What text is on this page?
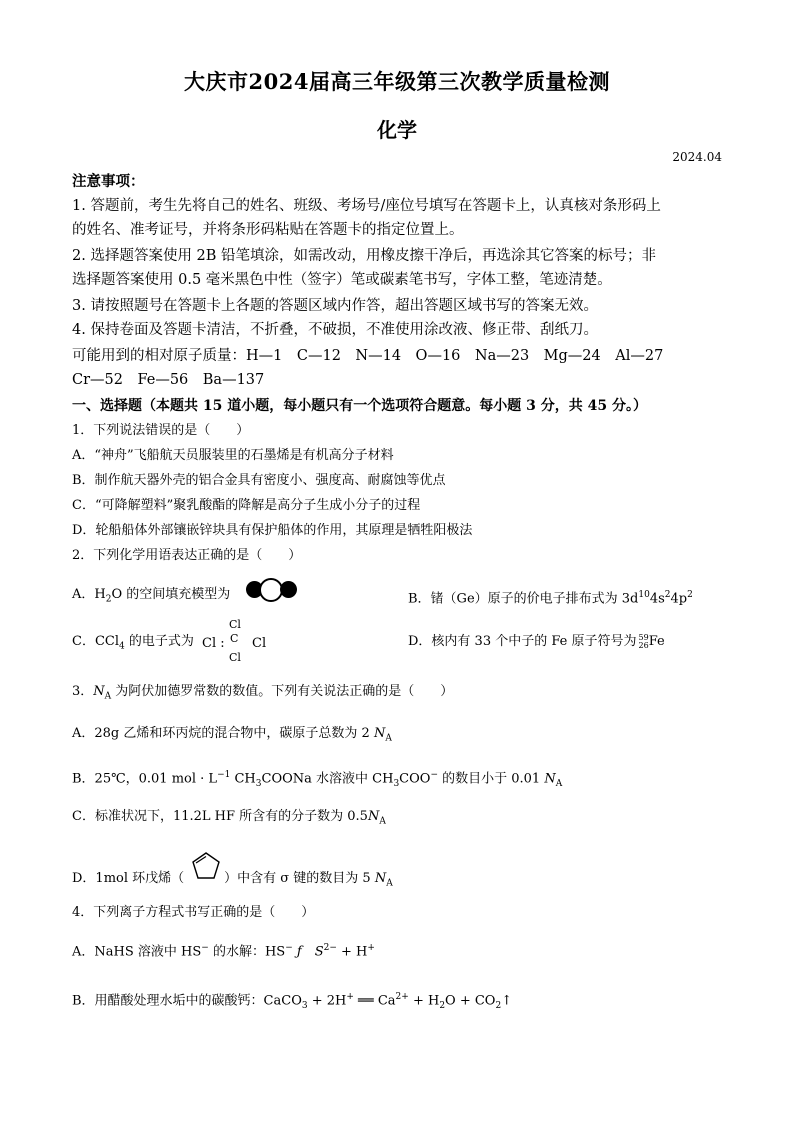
大庆市2024届高三年级第三次教学质量检测
化学
2024.04
注意事项：
1. 答题前，考生先将自己的姓名、班级、考场号/座位号填写在答题卡上，认真核对条形码上
的姓名、准考证号，并将条形码粘贴在答题卡的指定位置上。
2. 选择题答案使用 2B 铅笔填涂，如需改动，用橡皮擦干净后，再选涂其它答案的标号；非
选择题答案使用 0.5 毫米黑色中性（签字）笔或碳素笔书写，字体工整，笔迹清楚。
3. 请按照题号在答题卡上各题的答题区域内作答，超出答题区域书写的答案无效。
4. 保持卷面及答题卡清洁，不折叠，不破损，不准使用涂改液、修正带、刮纸刀。
可能用到的相对原子质量：H—1　C—12　N—14　O—16　Na—23　Mg—24　Al—27
Cr—52　Fe—56　Ba—137
一、选择题（本题共 15 道小题，每小题只有一个选项符合题意。每小题 3 分，共 45 分。）
1．下列说法错误的是（　　）
A．“神舟”飞船航天员服装里的石墨烯是有机高分子材料
B．制作航天器外壳的铝合金具有密度小、强度高、耐腐蚀等优点
C．“可降解塑料”聚乳酸酯的降解是高分子生成小分子的过程
D．轮船船体外部镶嵌锌块具有保护船体的作用，其原理是牺牲阳极法
2．下列化学用语表达正确的是（　　）
A．$H_2O$ 的空间填充模型为	B．锗（Ge）原子的价电子排布式为 $3d^{10}4s^24p^2$
C．CCl$_4$ 的电子式为 Cl :
Cl
C Cl
Cl
D．核内有 33 个中子的 Fe 原子符号为 59
26Fe
3．$N_A$ 为阿伏加德罗常数的数值。下列有关说法正确的是（　　）
A．28g 乙烯和环丙烷的混合物中，碳原子总数为 2 $N_A$
B．25℃，0.01 mol · $L^{-1}$ $CH_3COONa$ 水溶液中 $CH_3COO^-$ 的数目小于 0.01 $N_A$
C．标准状况下，11.2L HF 所含有的分子数为 $0.5N_A$
D．1mol 环戊烯（	）中含有 σ 键的数目为 5 $N_A$
4．下列离子方程式书写正确的是（　　）
A．NaHS 溶液中 HS− 的水解：HS− ƒ　$S^{2-} + H^+$
B．用醋酸处理水垢中的碳酸钙：CaCO$_3$ + 2H+ ══ $Ca^{2+} + H_2O$ + $CO_2↑$
